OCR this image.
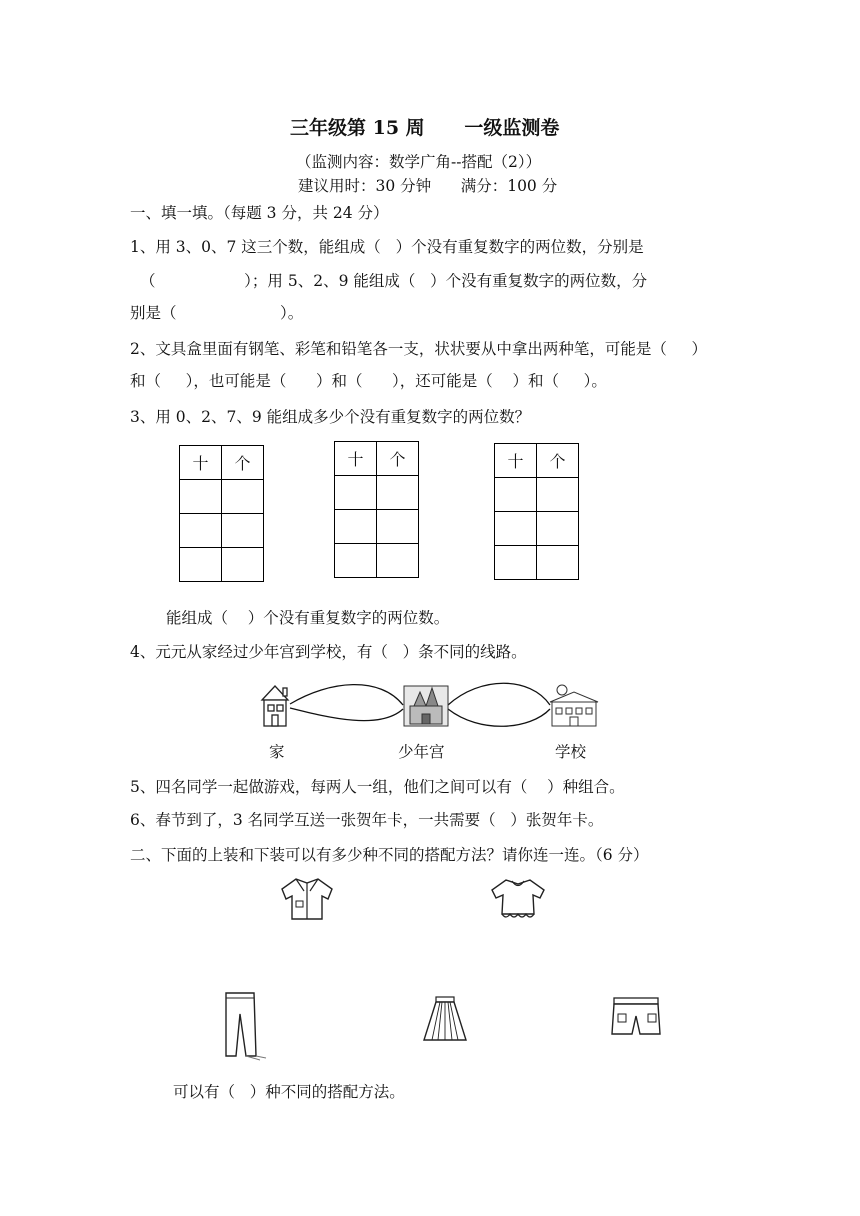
三年级第 15 周      一级监测卷
（监测内容：数学广角--搭配（2））
建议用时：30 分钟      满分：100 分
一、填一填。（每题 3 分，共 24 分）
1、用 3、0、7 这三个数，能组成（   ）个没有重复数字的两位数，分别是
（                  ）；用 5、2、9 能组成（   ）个没有重复数字的两位数，分
别是（                     ）。
2、文具盒里面有钢笔、彩笔和铅笔各一支，状状要从中拿出两种笔，可能是（     ）
和（     ），也可能是（      ）和（      ），还可能是（    ）和（     ）。
3、用 0、2、7、9 能组成多少个没有重复数字的两位数？
十	个

		十	个

		十	个

能组成（    ）个没有重复数字的两位数。
4、元元从家经过少年宫到学校，有（   ）条不同的线路。
家	少年宫	学校
5、四名同学一起做游戏，每两人一组，他们之间可以有（    ）种组合。
6、春节到了，3 名同学互送一张贺年卡，一共需要（   ）张贺年卡。
二、下面的上装和下装可以有多少种不同的搭配方法？请你连一连。（6 分）
可以有（   ）种不同的搭配方法。
